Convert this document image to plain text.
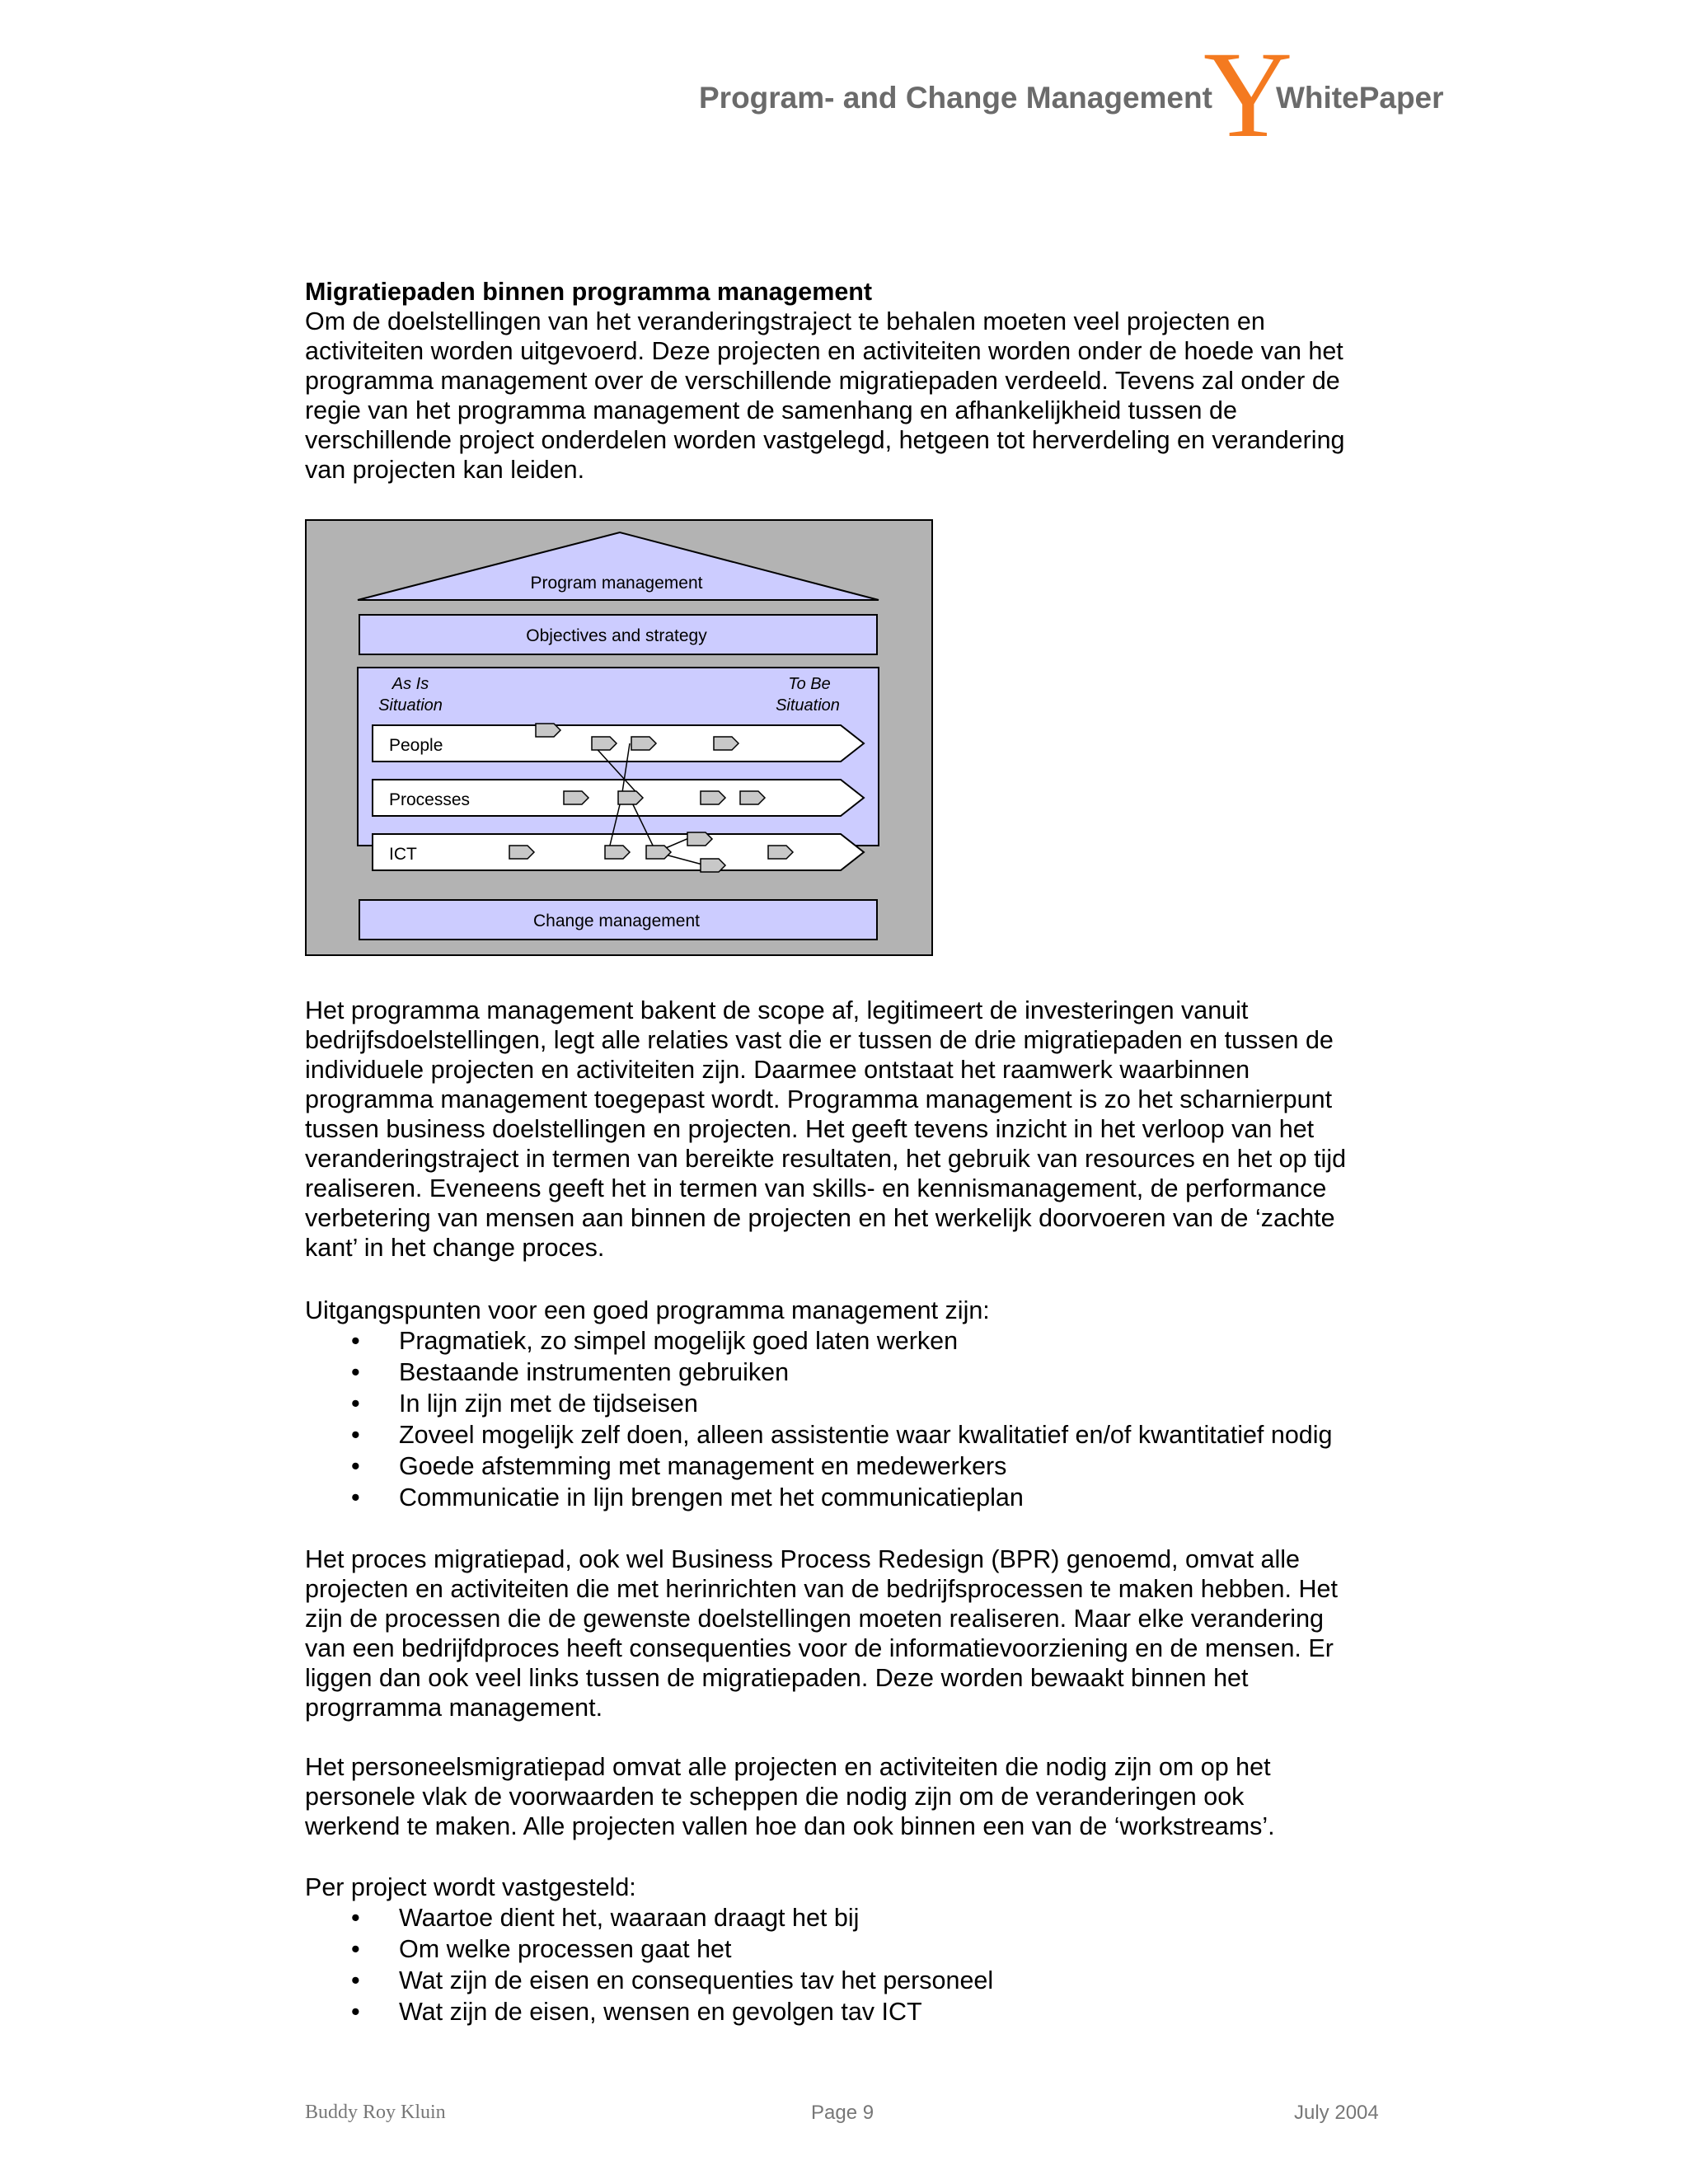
Program- and Change Management
Y
WhitePaper

Migratiepaden binnen programma management

Om de doelstellingen van het veranderingstraject te behalen moeten veel projecten en

activiteiten worden uitgevoerd. Deze projecten en activiteiten worden onder de hoede van het

programma management over de verschillende migratiepaden verdeeld. Tevens zal onder de

regie van het programma management de samenhang en afhankelijkheid tussen de

verschillende project onderdelen worden vastgelegd, hetgeen tot herverdeling en verandering

van projecten kan leiden.

Program management
Objectives and strategy
As Is
Situation
To Be
Situation
People
Processes
ICT
Change management

Het programma management bakent de scope af, legitimeert de investeringen vanuit

bedrijfsdoelstellingen, legt alle relaties vast die er tussen de drie migratiepaden en tussen de

individuele projecten en activiteiten zijn. Daarmee ontstaat het raamwerk waarbinnen

programma management toegepast wordt. Programma management is zo het scharnierpunt

tussen business doelstellingen en projecten. Het geeft tevens inzicht in het verloop van het

veranderingstraject in termen van bereikte resultaten, het gebruik van resources en het op tijd

realiseren. Eveneens geeft het in termen van skills- en kennismanagement, de performance

verbetering van mensen aan binnen de projecten en het werkelijk doorvoeren van de ‘zachte

kant’ in het change proces.

Uitgangspunten voor een goed programma management zijn:

• Pragmatiek, zo simpel mogelijk goed laten werken
• Bestaande instrumenten gebruiken
• In lijn zijn met de tijdseisen
• Zoveel mogelijk zelf doen, alleen assistentie waar kwalitatief en/of kwantitatief nodig
• Goede afstemming met management en medewerkers
• Communicatie in lijn brengen met het communicatieplan

Het proces migratiepad, ook wel Business Process Redesign (BPR) genoemd, omvat alle

projecten en activiteiten die met herinrichten van de bedrijfsprocessen te maken hebben. Het

zijn de processen die de gewenste doelstellingen moeten realiseren. Maar elke verandering

van een bedrijfdproces heeft consequenties voor de informatievoorziening en de mensen. Er

liggen dan ook veel links tussen de migratiepaden. Deze worden bewaakt binnen het

progrramma management.

Het personeelsmigratiepad omvat alle projecten en activiteiten die nodig zijn om op het

personele vlak de voorwaarden te scheppen die nodig zijn om de veranderingen ook

werkend te maken. Alle projecten vallen hoe dan ook binnen een van de ‘workstreams’.

Per project wordt vastgesteld:

• Waartoe dient het, waaraan draagt het bij
• Om welke processen gaat het
• Wat zijn de eisen en consequenties tav het personeel
• Wat zijn de eisen, wensen en gevolgen tav ICT
Buddy Roy Kluin	Page 9	July 2004
